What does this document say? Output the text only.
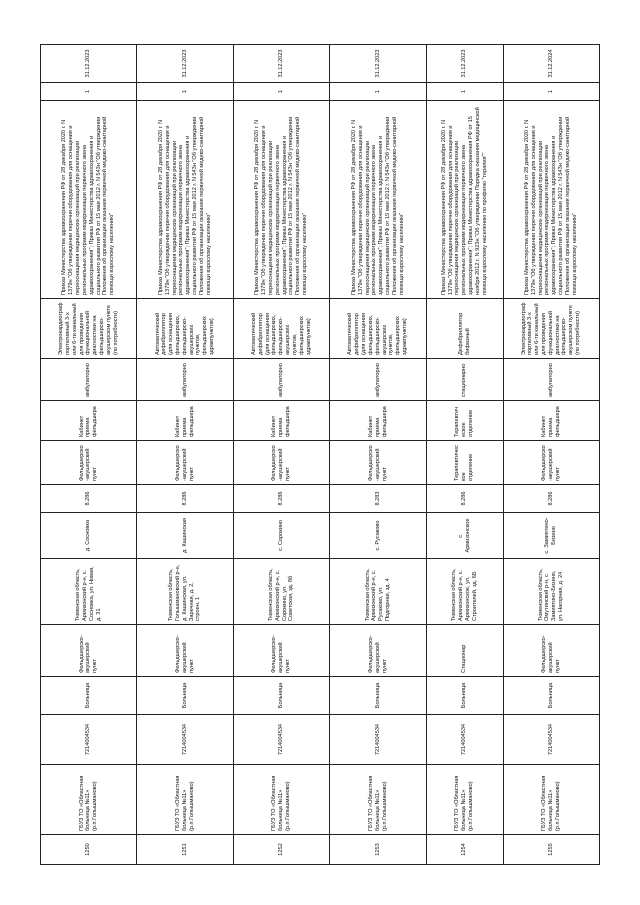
1250	ГБУЗ ТО «Областная больница №11» (р.п.Голышманово)	7214004534	Больница	Фельдшерско-акушерский пункт	Тюменская область, Армизонский р-н, с. Сосновка, ул. Новая, д. 31	д. Сосновка	8.286	Фельдшерско-акушерский пункт	Кабинет приема фельдшера	амбулаторно	Электрокардиограф портативный 3-х или 6-ти канальный для проведения функциональной диагностики на фельдшерско-акушерском пункте (по потребности)	Приказ Министерства здравоохранения РФ от 28 декабря 2020 г. N 1379н "Об утверждении перечня оборудования для оснащения и переоснащения медицинских организаций при реализации региональных программ модернизации первичного звена здравоохранения"; Приказ Министерства здравоохранения и социального развития РФ от 15 мая 2012 г. N 543н "Об утверждении Положения об организации оказания первичной медико-санитарной помощи взрослому населению"	1	31.12.2023
1251	ГБУЗ ТО «Областная больница №11» (р.п.Голышманово)	7214004534	Больница	Фельдшерско-акушерский пункт	Тюменская область, Голышмановский р-н, д. Кашинская, ул. Заречная, д. 2, строен. 1	д. Кашинская	8.286	Фельдшерско-акушерский пункт	Кабинет приема фельдшера	амбулаторно	Автоматический дефибриллятор (для оснащения фельдшерских, фельдшерско-акушерских пунктов, фельдшерских здравпунктов)	Приказ Министерства здравоохранения РФ от 28 декабря 2020 г. N 1379н "Об утверждении перечня оборудования для оснащения и переоснащения медицинских организаций при реализации региональных программ модернизации первичного звена здравоохранения"; Приказ Министерства здравоохранения и социального развития РФ от 15 мая 2012 г. N 543н "Об утверждении Положения об организации оказания первичной медико-санитарной помощи взрослому населению"	1	31.12.2023
1252	ГБУЗ ТО «Областная больница №11» (р.п.Голышманово)	7214004534	Больница	Фельдшерско-акушерский пункт	Тюменская область, Армизонский р-н, с. Сорокино, ул. Советская, зд. 8б	с. Сорокино	8.286	Фельдшерско-акушерский пункт	Кабинет приема фельдшера	амбулаторно	Автоматический дефибриллятор (для оснащения фельдшерских, фельдшерско-акушерских пунктов, фельдшерских здравпунктов)	Приказ Министерства здравоохранения РФ от 28 декабря 2020 г. N 1379н "Об утверждении перечня оборудования для оснащения и переоснащения медицинских организаций при реализации региональных программ модернизации первичного звена здравоохранения"; Приказ Министерства здравоохранения и социального развития РФ от 15 мая 2012 г. N 543н "Об утверждении Положения об организации оказания первичной медико-санитарной помощи взрослому населению"	1	31.12.2023
1253	ГБУЗ ТО «Областная больница №11» (р.п.Голышманово)	7214004534	Больница	Фельдшерско-акушерский пункт	Тюменская область, Армизонский р-н, с. Русаково, ул. Подгорная, зд. 4	с. Русаково	8.283	Фельдшерско-акушерский пункт	Кабинет приема фельдшера	амбулаторно	Автоматический дефибриллятор (для оснащения фельдшерских, фельдшерско-акушерских пунктов, фельдшерских здравпунктов)	Приказ Министерства здравоохранения РФ от 28 декабря 2020 г. N 1379н "Об утверждении перечня оборудования для оснащения и переоснащения медицинских организаций при реализации региональных программ модернизации первичного звена здравоохранения"; Приказ Министерства здравоохранения и социального развития РФ от 15 мая 2012 г. N 543н "Об утверждении Положения об организации оказания первичной медико-санитарной помощи взрослому населению"	1	31.12.2023
1254	ГБУЗ ТО «Областная больница №11» (р.п.Голышманово)	7214004534	Больница	Стационар	Тюменская область, Армизонский р-н, с. Армизонское, ул. Строителей, зд. 6Б	с. Армизонское	8.286	Терапевтическое отделение	Терапевтическое отделение	стационарно	Дефибриллятор бифазный	Приказ Министерства здравоохранения РФ от 28 декабря 2020 г. N 1379н "Об утверждении перечня оборудования для оснащения и переоснащения медицинских организаций при реализации региональных программ модернизации первичного звена здравоохранения"; Приказ Министерства здравоохранения РФ от 15 ноября 2012 г. N 923н "Об утверждении Порядка оказания медицинской помощи взрослому населению по профилю "терапия""	1	31.12.2023
1255	ГБУЗ ТО «Областная больница №11» (р.п.Голышманово)	7214004534	Больница	Фельдшерско-акушерский пункт	Тюменская область, Омутинский р-н, с. Замиятино-Бизино, ул. Нагорная, д. 24	с. Замиятино-Бизино	8.286	Фельдшерско-акушерский пункт	Кабинет приема фельдшера	амбулаторно	Электрокардиограф портативный 3-х или 6-ти канальный для проведения функциональной диагностики на фельдшерско-акушерском пункте (по потребности)	Приказ Министерства здравоохранения РФ от 28 декабря 2020 г. N 1379н "Об утверждении перечня оборудования для оснащения и переоснащения медицинских организаций при реализации региональных программ модернизации первичного звена здравоохранения"; Приказ Министерства здравоохранения и социального развития РФ от 15 мая 2012 г. N 543н "Об утверждении Положения об организации оказания первичной медико-санитарной помощи взрослому населению"	1	31.12.2024
